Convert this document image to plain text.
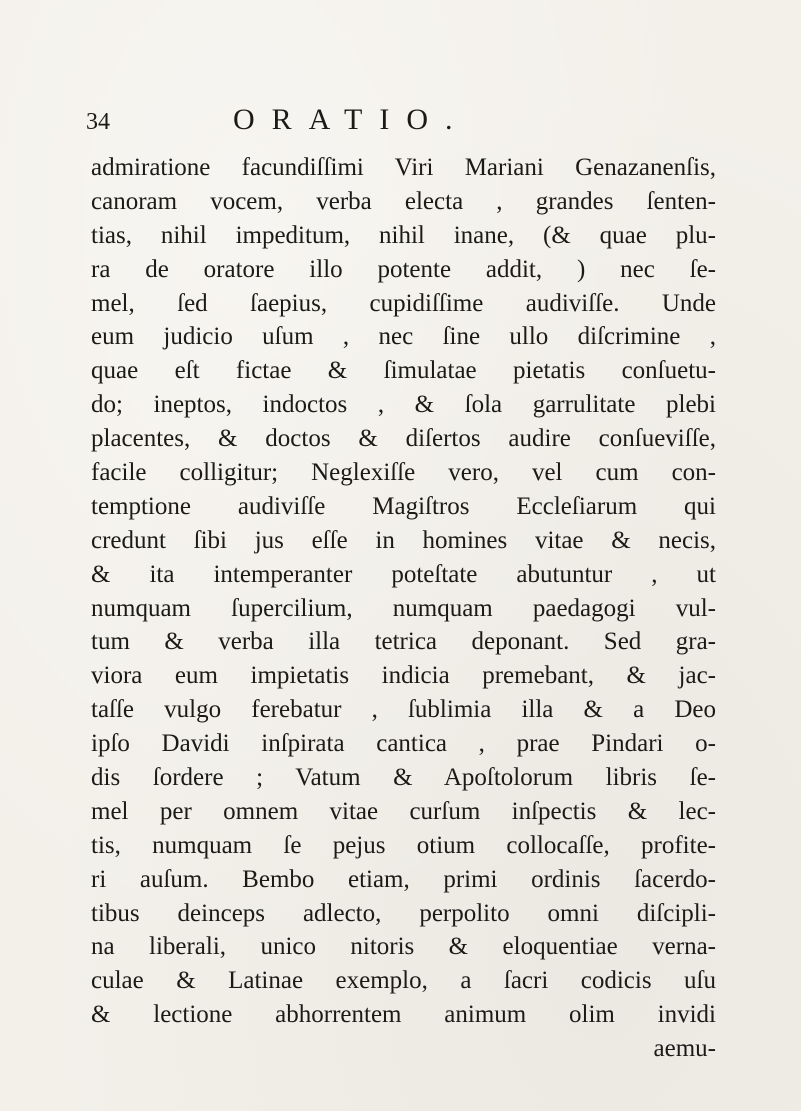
34	ORATIO.
admiratione facundiſſimi Viri Mariani Genazanenſis,
canoram vocem, verba electa , grandes ſenten-
tias, nihil impeditum, nihil inane, (& quae plu-
ra de oratore illo potente addit, ) nec ſe-
mel, ſed ſaepius, cupidiſſime audiviſſe. Unde
eum judicio uſum , nec ſine ullo diſcrimine ,
quae eſt fictae & ſimulatae pietatis conſuetu-
do; ineptos, indoctos , & ſola garrulitate plebi
placentes, & doctos & diſertos audire conſueviſſe,
facile colligitur; Neglexiſſe vero, vel cum con-
temptione audiviſſe Magiſtros Eccleſiarum qui
credunt ſibi jus eſſe in homines vitae & necis,
& ita intemperanter poteſtate abutuntur , ut
numquam ſupercilium, numquam paedagogi vul-
tum & verba illa tetrica deponant. Sed gra-
viora eum impietatis indicia premebant, & jac-
taſſe vulgo ferebatur , ſublimia illa & a Deo
ipſo Davidi inſpirata cantica , prae Pindari o-
dis ſordere ; Vatum & Apoſtolorum libris ſe-
mel per omnem vitae curſum inſpectis & lec-
tis, numquam ſe pejus otium collocaſſe, profite-
ri auſum. Bembo etiam, primi ordinis ſacerdo-
tibus deinceps adlecto, perpolito omni diſcipli-
na liberali, unico nitoris & eloquentiae verna-
culae & Latinae exemplo, a ſacri codicis uſu
& lectione abhorrentem animum olim invidi
aemu-
